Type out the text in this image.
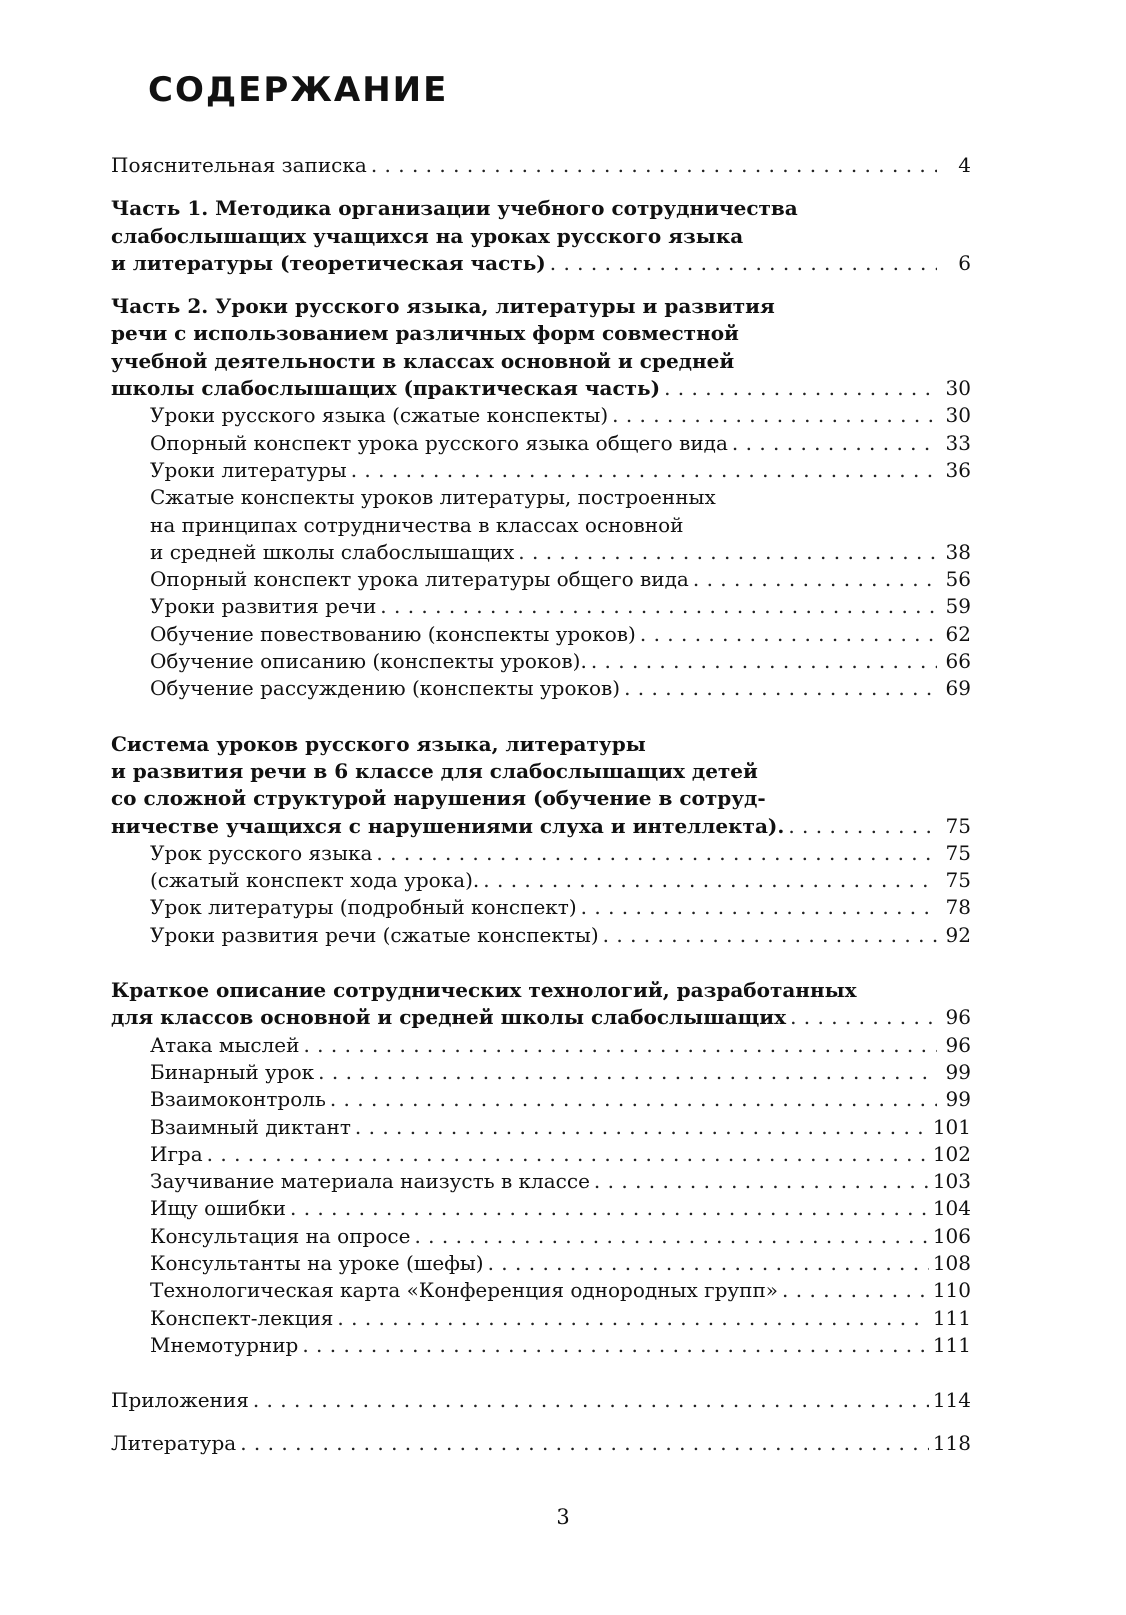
СОДЕРЖАНИЕ
Пояснительная записка . . .	4
Часть 1. Методика организации учебного сотрудничества
слабослышащих учащихся на уроках русского языка
и литературы (теоретическая часть) . . .	6
Часть 2. Уроки русского языка, литературы и развития
речи с использованием различных форм совместной
учебной деятельности в классах основной и средней
школы слабослышащих (практическая часть) . . .	30
Уроки русского языка (сжатые конспекты) . . .	30
Опорный конспект урока русского языка общего вида . . .	33
Уроки литературы . . .	36
Сжатые конспекты уроков литературы, построенных
на принципах сотрудничества в классах основной
и средней школы слабослышащих . . .	38
Опорный конспект урока литературы общего вида . . .	56
Уроки развития речи . . .	59
Обучение повествованию (конспекты уроков) . . .	62
Обучение описанию (конспекты уроков). . . .	66
Обучение рассуждению (конспекты уроков) . . .	69
Система уроков русского языка, литературы
и развития речи в 6 классе для слабослышащих детей
со сложной структурой нарушения (обучение в сотруд-
ничестве учащихся с нарушениями слуха и интеллекта). . . .	75
Урок русского языка . . .	75
(сжатый конспект хода урока). . . .	75
Урок литературы (подробный конспект) . . .	78
Уроки развития речи (сжатые конспекты) . . .	92
Краткое описание сотруднических технологий, разработанных
для классов основной и средней школы слабослышащих . . .	96
Атака мыслей . . .	96
Бинарный урок . . .	99
Взаимоконтроль . . .	99
Взаимный диктант . . .	101
Игра . . .	102
Заучивание материала наизусть в классе . . .	103
Ищу ошибки . . .	104
Консультация на опросе . . .	106
Консультанты на уроке (шефы) . . .	108
Технологическая карта «Конференция однородных групп» . . .	110
Конспект-лекция . . .	111
Мнемотурнир . . .	111
Приложения . . .	114
Литература . . .	118
3
